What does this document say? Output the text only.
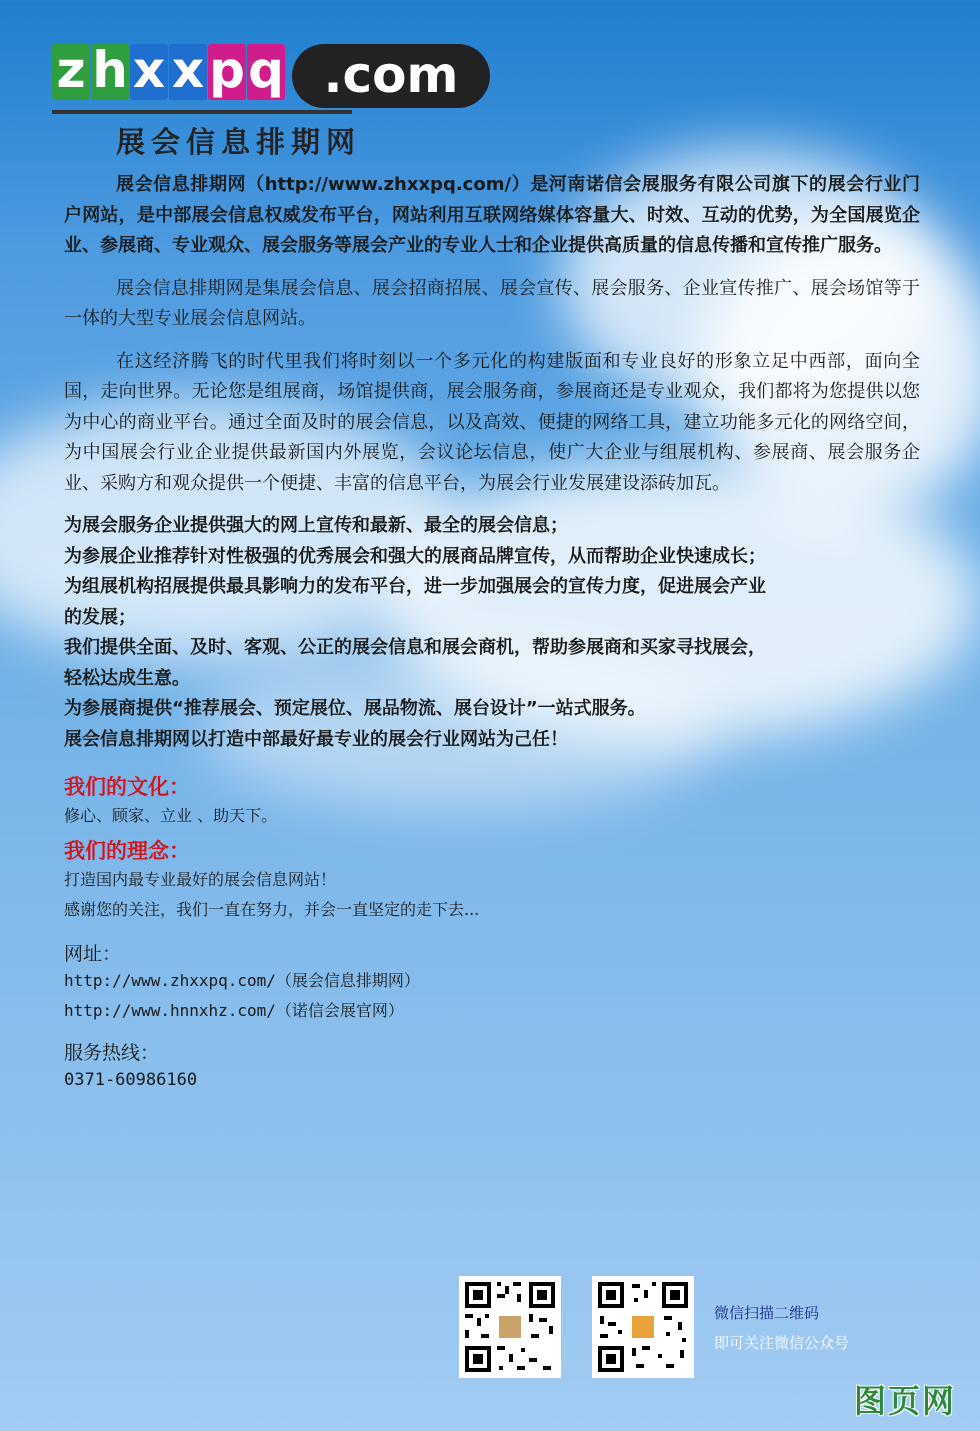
z h x x p q .com
展会信息排期网

展会信息排期网（http://www.zhxxpq.com/）是河南诺信会展服务有限公司旗下的展会行业门户网站，是中部展会信息权威发布平台，网站利用互联网络媒体容量大、时效、互动的优势，为全国展览企业、参展商、专业观众、展会服务等展会产业的专业人士和企业提供高质量的信息传播和宣传推广服务。

展会信息排期网是集展会信息、展会招商招展、展会宣传、展会服务、企业宣传推广、展会场馆等于一体的大型专业展会信息网站。

在这经济腾飞的时代里我们将时刻以一个多元化的构建版面和专业良好的形象立足中西部，面向全国，走向世界。无论您是组展商，场馆提供商，展会服务商，参展商还是专业观众，我们都将为您提供以您为中心的商业平台。通过全面及时的展会信息，以及高效、便捷的网络工具，建立功能多元化的网络空间，为中国展会行业企业提供最新国内外展览，会议论坛信息，使广大企业与组展机构、参展商、展会服务企业、采购方和观众提供一个便捷、丰富的信息平台，为展会行业发展建设添砖加瓦。

为展会服务企业提供强大的网上宣传和最新、最全的展会信息；
为参展企业推荐针对性极强的优秀展会和强大的展商品牌宣传，从而帮助企业快速成长；
为组展机构招展提供最具影响力的发布平台，进一步加强展会的宣传力度，促进展会产业的发展；
我们提供全面、及时、客观、公正的展会信息和展会商机，帮助参展商和买家寻找展会，轻松达成生意。
为参展商提供“推荐展会、预定展位、展品物流、展台设计”一站式服务。
展会信息排期网以打造中部最好最专业的展会行业网站为己任！
我们的文化：
修心、顾家、立业 、助天下。
我们的理念：
打造国内最专业最好的展会信息网站！
感谢您的关注，我们一直在努力，并会一直坚定的走下去...
网址：
http://www.zhxxpq.com/（展会信息排期网）
http://www.hnnxhz.com/（诺信会展官网）
服务热线：
0371-60986160
微信扫描二维码
即可关注微信公众号
图页网
